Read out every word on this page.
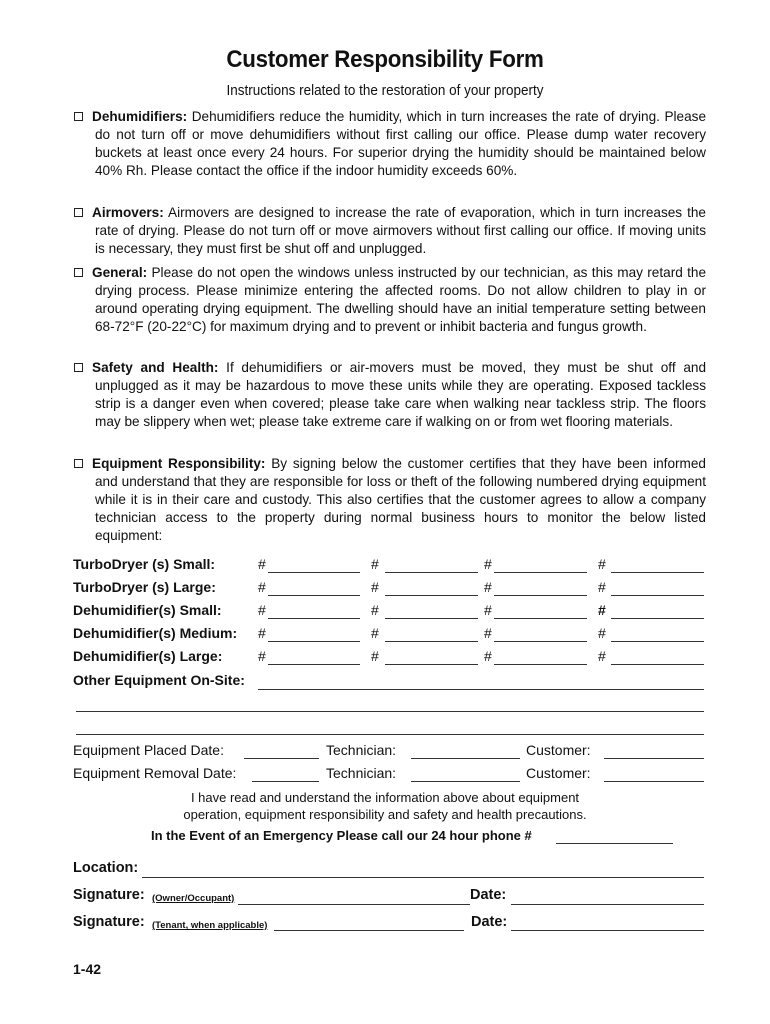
Customer Responsibility Form
Instructions related to the restoration of your property
Dehumidifiers: Dehumidifiers reduce the humidity, which in turn increases the rate of drying. Please do not turn off or move dehumidifiers without first calling our office. Please dump water recovery buckets at least once every 24 hours. For superior drying the humidity should be maintained below 40% Rh. Please contact the office if the indoor humidity exceeds 60%.
Airmovers: Airmovers are designed to increase the rate of evaporation, which in turn increases the rate of drying. Please do not turn off or move airmovers without first calling our office. If moving units is necessary, they must first be shut off and unplugged.
General: Please do not open the windows unless instructed by our technician, as this may retard the drying process. Please minimize entering the affected rooms. Do not allow children to play in or around operating drying equipment. The dwelling should have an initial temperature setting between 68-72°F (20-22°C) for maximum drying and to prevent or inhibit bacteria and fungus growth.
Safety and Health: If dehumidifiers or air-movers must be moved, they must be shut off and unplugged as it may be hazardous to move these units while they are operating. Exposed tackless strip is a danger even when covered; please take care when walking near tackless strip. The floors may be slippery when wet; please take extreme care if walking on or from wet flooring materials.
Equipment Responsibility: By signing below the customer certifies that they have been informed and understand that they are responsible for loss or theft of the following numbered drying equipment while it is in their care and custody. This also certifies that the customer agrees to allow a company technician access to the property during normal business hours to monitor the below listed equipment:
TurboDryer (s) Small:	#	#	#	#
TurboDryer (s) Large:	#	#	#	#
Dehumidifier(s) Small:	#	#	#	#
Dehumidifier(s) Medium: #	#	#	#
Dehumidifier(s) Large:	#	#	#	#
Other Equipment On-Site:
Equipment Placed Date:	Technician:	Customer:
Equipment Removal Date:	Technician:	Customer:
I have read and understand the information above about equipment
operation, equipment responsibility and safety and health precautions.
In the Event of an Emergency Please call our 24 hour phone #
Location:
Signature: (Owner/Occupant)	Date:
Signature: (Tenant, when applicable)	Date:
1-42
